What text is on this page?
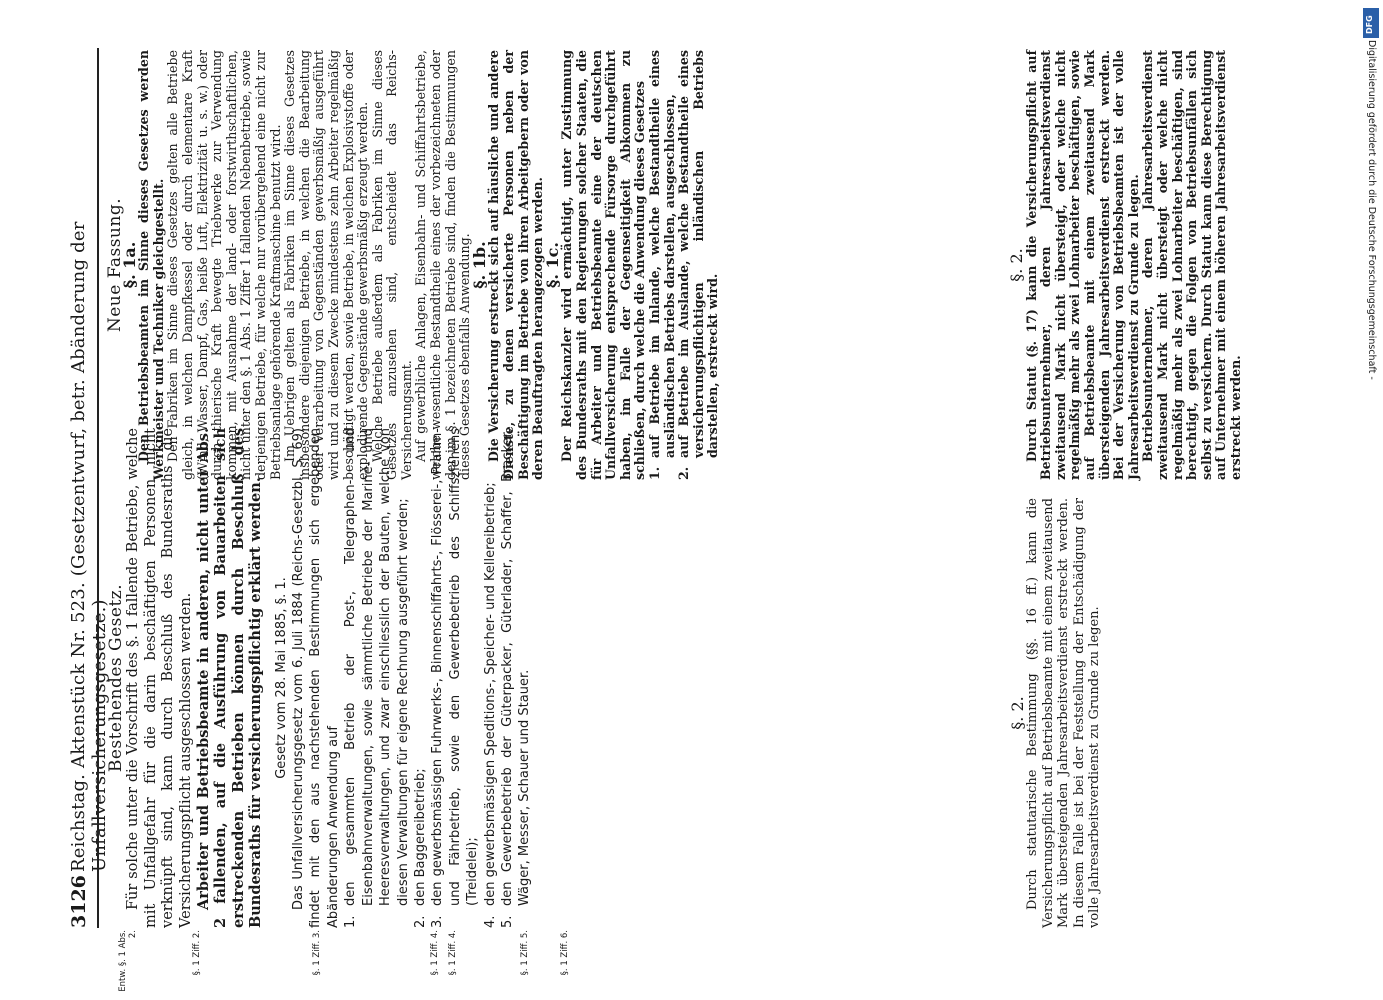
3126
Reichstag. Aktenstück Nr. 523. (Gesetzentwurf, betr. Abänderung der Unfallversicherungsgesetze.)
Entw. §. 1 Abs. 2.	§. 1 Ziff. 2.	§. 1 Ziff. 3.	§. 1 Ziff. 4. §. 1 Ziff. 4.	§. 1 Ziff. 5.	§. 1 Ziff. 6.

Bestehendes Gesetz. Für solche unter die Vorschrift des §. 1 fallende Betriebe, welche mit Unfallgefahr für die darin beschäftigten Personen nicht verknüpft sind, kann durch Beschluß des Bundesraths die Versicherungspflicht ausgeschlossen werden. Arbeiter und Betriebsbeamte in anderen, nicht unter Abs. 2 fallenden, auf die Ausführung von Bauarbeiten sich erstreckenden Betrieben können durch Beschluß des Bundesraths für versicherungspflichtig erklärt werden. Gesetz vom 28. Mai 1885, §. 1. Das Unfallversicherungsgesetz vom 6. Juli 1884 (Reichs-Gesetzbl. S. 69) findet mit den aus nachstehenden Bestimmungen sich ergebenden Abänderungen Anwendung auf 1.
den gesammten Betrieb der Post-, Telegraphen- und Eisenbahnverwaltungen, sowie sämmtliche Betriebe der Marine- und Heeresverwaltungen, und zwar einschliesslich der Bauten, welche von diesen Verwaltungen für eigene Rechnung ausgeführt werden;
2.
den Baggereibetrieb;
3.
den gewerbsmässigen Fuhrwerks-, Binnenschiffahrts-, Flösserei-, Prahm- und Fährbetrieb, sowie den Gewerbebetrieb des Schiffsziehens (Treidelei);
4.
den gewerbsmässigen Speditions-, Speicher- und Kellereibetrieb;
5.
den Gewerbebetrieb der Güterpacker, Güterlader, Schaffer, Bracker, Wäger, Messer, Schauer und Stauer.

Neue Fassung.

§. 1a.

Den Betriebsbeamten im Sinne dieses Gesetzes werden Werkmeister und Techniker gleichgestellt. Den Fabriken im Sinne dieses Gesetzes gelten alle Betriebe gleich, in welchen Dampfkessel oder durch elementare Kraft (Wind, Wasser, Dampf, Gas, heiße Luft, Elektrizität u. s. w.) oder durch thierische Kraft bewegte Triebwerke zur Verwendung kommen, mit Ausnahme der land- oder forstwirthschaftlichen, nicht unter den §. 1 Abs. 1 Ziffer 1 fallenden Nebenbetriebe, sowie derjenigen Betriebe, für welche nur vorübergehend eine nicht zur Betriebsanlage gehörende Kraftmaschine benutzt wird. Im Uebrigen gelten als Fabriken im Sinne dieses Gesetzes insbesondere diejenigen Betriebe, in welchen die Bearbeitung oder Verarbeitung von Gegenständen gewerbsmäßig ausgeführt wird und zu diesem Zwecke mindestens zehn Arbeiter regelmäßig beschäftigt werden, sowie Betriebe, in welchen Explosivstoffe oder explodirende Gegenstände gewerbsmäßig erzeugt werden. Welche Betriebe außerdem als Fabriken im Sinne dieses Gesetzes anzusehen sind, entscheidet das Reichs-Versicherungsamt. Auf gewerbliche Anlagen, Eisenbahn- und Schiffahrtsbetriebe, welche wesentliche Bestandtheile eines der vorbezeichneten oder der im §. 1 bezeichneten Betriebe sind, finden die Bestimmungen dieses Gesetzes ebenfalls Anwendung.

§. 1b.

Die Versicherung erstreckt sich auf häusliche und andere Dienste, zu denen versicherte Personen neben der Beschäftigung im Betriebe von ihren Arbeitgebern oder von deren Beauftragten herangezogen werden.

§. 1c.

Der Reichskanzler wird ermächtigt, unter Zustimmung des Bundesraths mit den Regierungen solcher Staaten, die für Arbeiter und Betriebsbeamte eine der deutschen Unfallversicherung entsprechende Fürsorge durchgeführt haben, im Falle der Gegenseitigkeit Abkommen zu schließen, durch welche die Anwendung dieses Gesetzes 1.
auf Betriebe im Inlande, welche Bestandtheile eines ausländischen Betriebs darstellen, ausgeschlossen,
2.
auf Betriebe im Auslande, welche Bestandtheile eines versicherungspflichtigen inländischen Betriebs darstellen, erstreckt wird.

§. 2.

Durch statutarische Bestimmung (§§. 16 ff.) kann die Versicherungspflicht auf Betriebsbeamte mit einem zweitausend Mark übersteigenden Jahresarbeitsverdienst erstreckt werden. In diesem Falle ist bei der Feststellung der Entschädigung der volle Jahresarbeitsverdienst zu Grunde zu legen.

§. 2.

Durch Statut (§. 17) kann die Versicherungspflicht auf Betriebsunternehmer, deren Jahresarbeitsverdienst zweitausend Mark nicht übersteigt, oder welche nicht regelmäßig mehr als zwei Lohnarbeiter beschäftigen, sowie auf Betriebsbeamte mit einem zweitausend Mark übersteigenden Jahresarbeitsverdienst erstreckt werden. Bei der Versicherung von Betriebsbeamten ist der volle Jahresarbeitsverdienst zu Grunde zu legen. Betriebsunternehmer, deren Jahresarbeitsverdienst zweitausend Mark nicht übersteigt oder welche nicht regelmäßig mehr als zwei Lohnarbeiter beschäftigen, sind berechtigt, gegen die Folgen von Betriebsunfällen sich selbst zu versichern. Durch Statut kann diese Berechtigung auf Unternehmer mit einem höheren Jahresarbeitsverdienst erstreckt werden.

DFG
Digitalisierung gefördert durch die Deutsche Forschungsgemeinschaft -
